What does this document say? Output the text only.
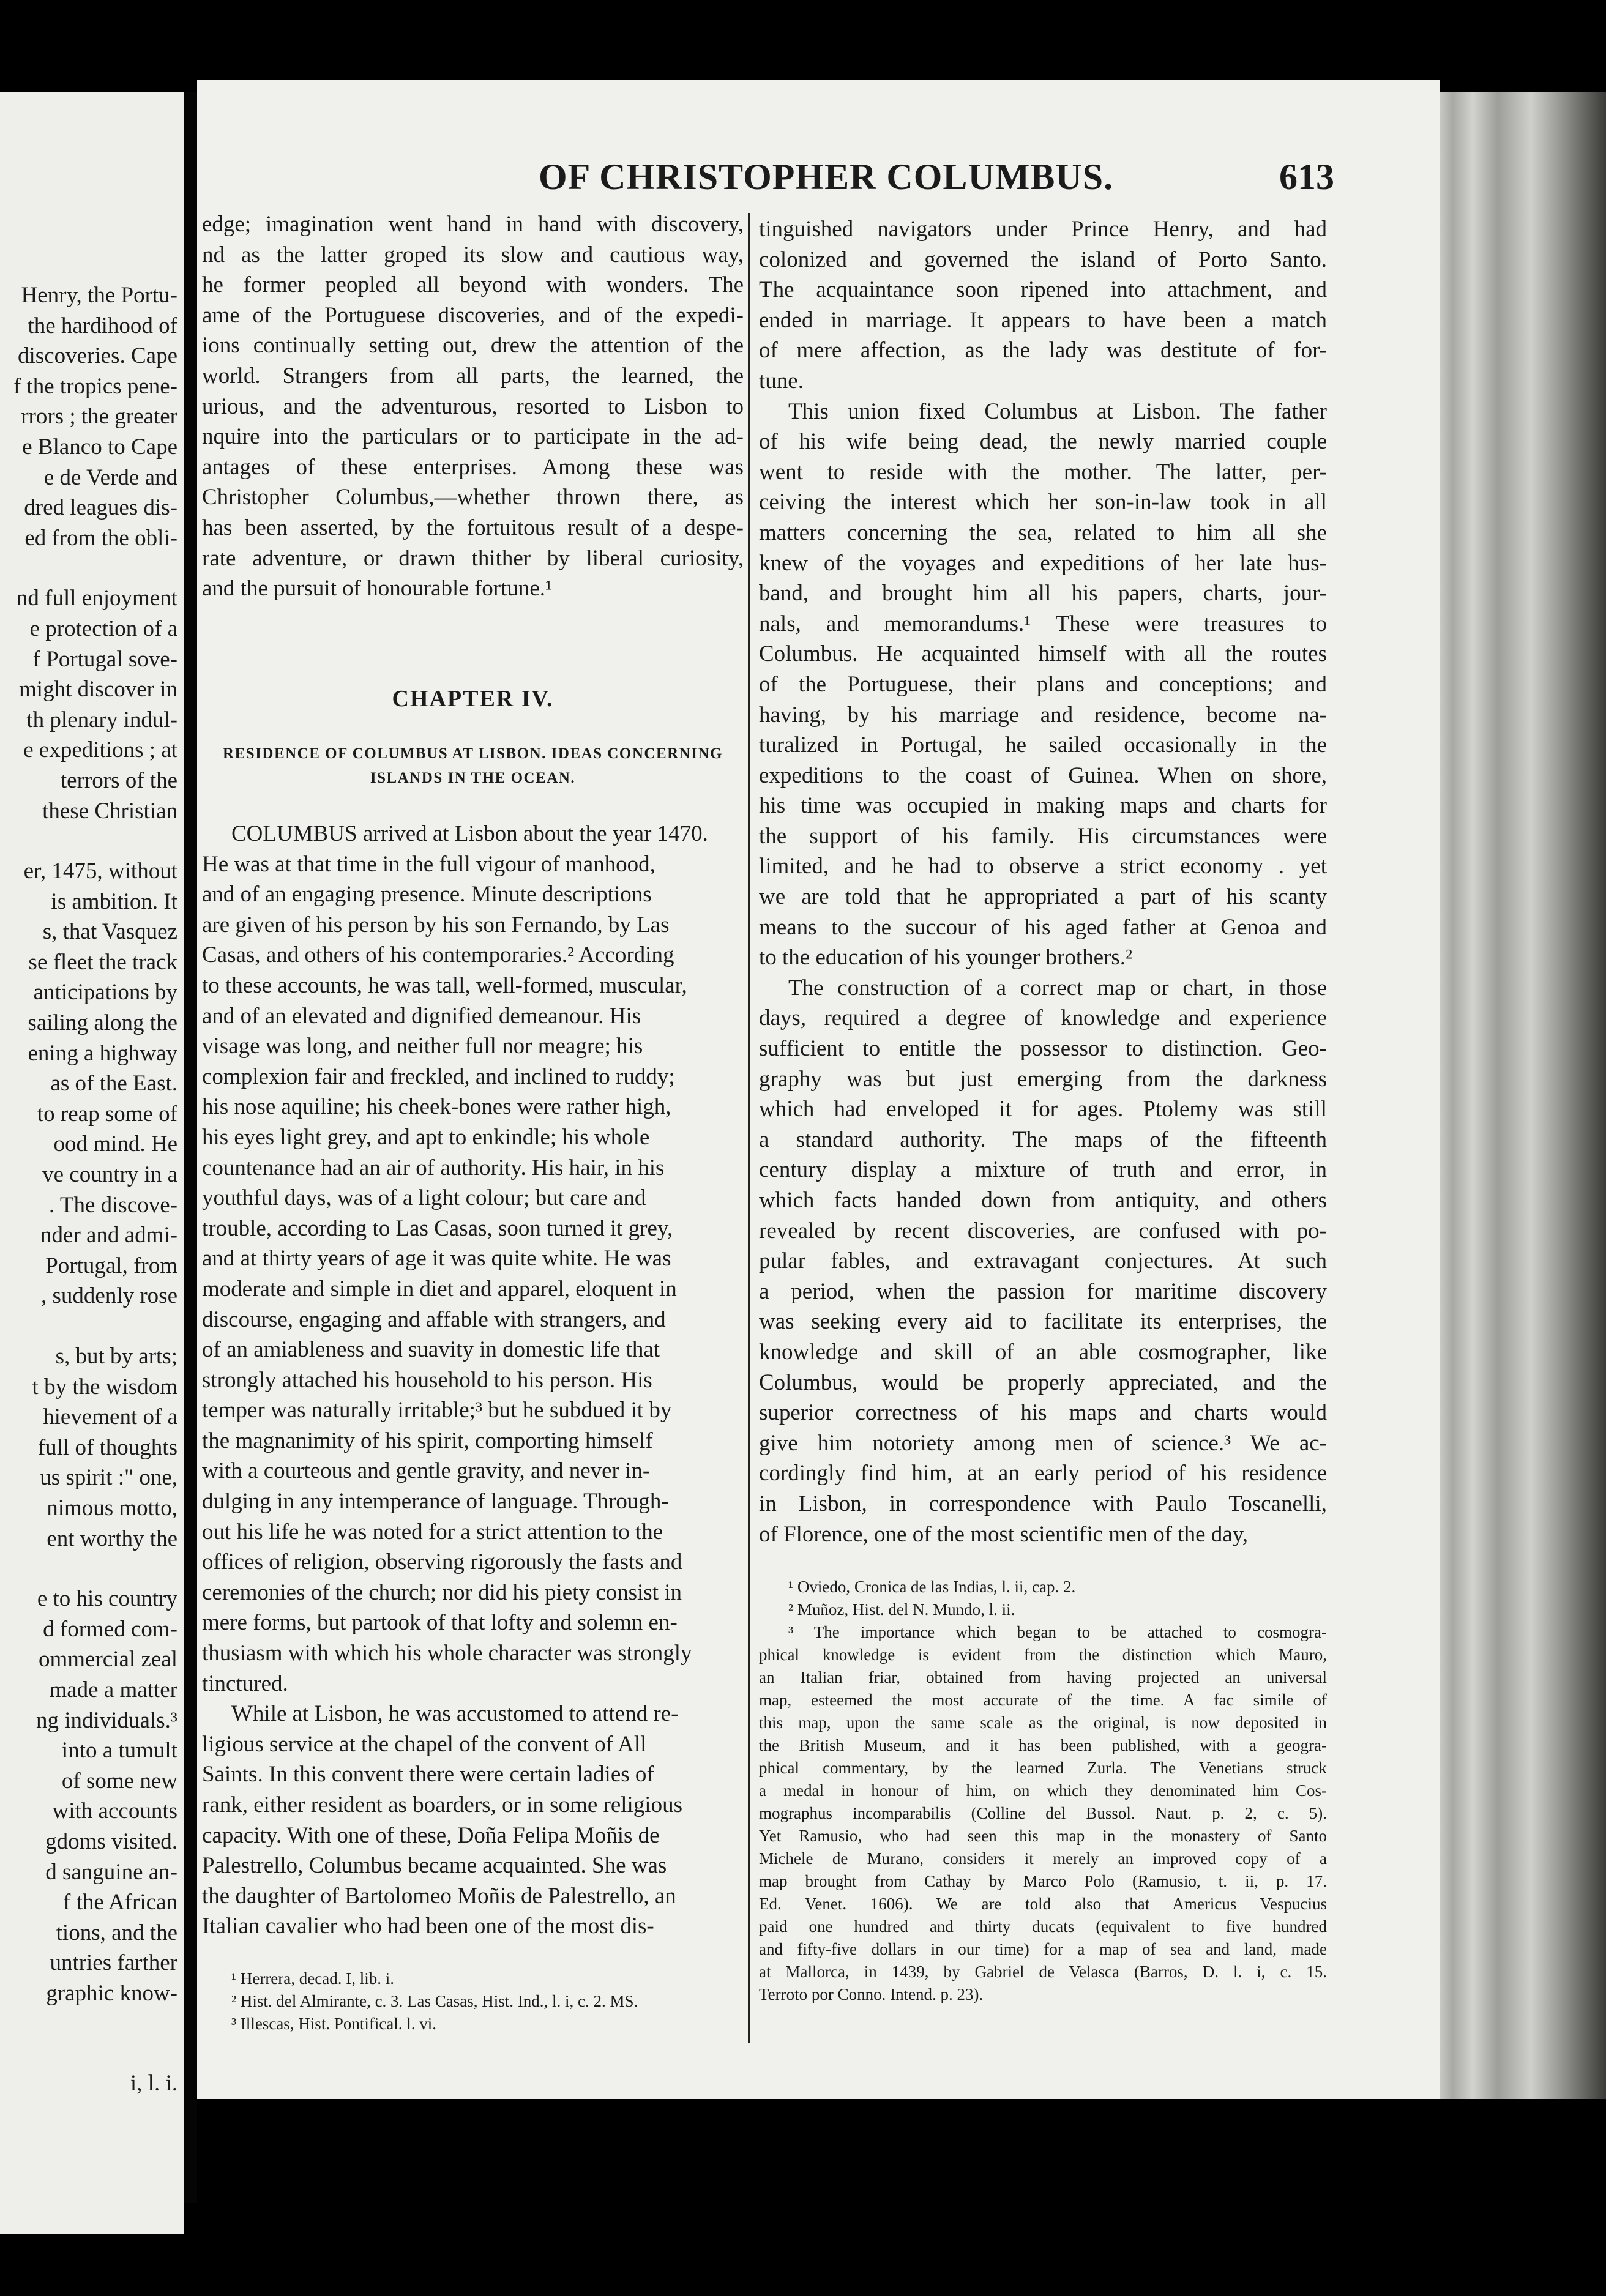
Henry, the Portu-
the hardihood of
discoveries. Cape
f the tropics pene-
rrors ; the greater
e Blanco to Cape
e de Verde and
dred leagues dis-
ed from the obli-
nd full enjoyment
e protection of a
f Portugal sove-
might discover in
th plenary indul-
e expeditions ; at
terrors of the
these Christian
er, 1475, without
is ambition. It
s, that Vasquez
se fleet the track
anticipations by
sailing along the
ening a highway
as of the East.
to reap some of
ood mind. He
ve country in a
. The discove-
nder and admi-
Portugal, from
, suddenly rose
s, but by arts;
t by the wisdom
hievement of a
full of thoughts
us spirit :" one,
nimous motto,
ent worthy the
e to his country
d formed com-
ommercial zeal
made a matter
ng individuals.³
into a tumult
of some new
with accounts
gdoms visited.
d sanguine an-
f the African
tions, and the
untries farther
graphic know-
i, l. i.
OF CHRISTOPHER COLUMBUS.	613
edge; imagination went hand in hand with discovery,
nd as the latter groped its slow and cautious way,
he former peopled all beyond with wonders. The
ame of the Portuguese discoveries, and of the expedi-
ions continually setting out, drew the attention of the
world. Strangers from all parts, the learned, the
urious, and the adventurous, resorted to Lisbon to
nquire into the particulars or to participate in the ad-
antages of these enterprises. Among these was
Christopher Columbus,—whether thrown there, as
has been asserted, by the fortuitous result of a despe-
rate adventure, or drawn thither by liberal curiosity,
and the pursuit of honourable fortune.¹
CHAPTER IV.
RESIDENCE OF COLUMBUS AT LISBON. IDEAS CONCERNING
ISLANDS IN THE OCEAN.
COLUMBUS arrived at Lisbon about the year 1470.
He was at that time in the full vigour of manhood,
and of an engaging presence. Minute descriptions
are given of his person by his son Fernando, by Las
Casas, and others of his contemporaries.² According
to these accounts, he was tall, well-formed, muscular,
and of an elevated and dignified demeanour. His
visage was long, and neither full nor meagre; his
complexion fair and freckled, and inclined to ruddy;
his nose aquiline; his cheek-bones were rather high,
his eyes light grey, and apt to enkindle; his whole
countenance had an air of authority. His hair, in his
youthful days, was of a light colour; but care and
trouble, according to Las Casas, soon turned it grey,
and at thirty years of age it was quite white. He was
moderate and simple in diet and apparel, eloquent in
discourse, engaging and affable with strangers, and
of an amiableness and suavity in domestic life that
strongly attached his household to his person. His
temper was naturally irritable;³ but he subdued it by
the magnanimity of his spirit, comporting himself
with a courteous and gentle gravity, and never in-
dulging in any intemperance of language. Through-
out his life he was noted for a strict attention to the
offices of religion, observing rigorously the fasts and
ceremonies of the church; nor did his piety consist in
mere forms, but partook of that lofty and solemn en-
thusiasm with which his whole character was strongly
tinctured.
While at Lisbon, he was accustomed to attend re-
ligious service at the chapel of the convent of All
Saints. In this convent there were certain ladies of
rank, either resident as boarders, or in some religious
capacity. With one of these, Doña Felipa Moñis de
Palestrello, Columbus became acquainted. She was
the daughter of Bartolomeo Moñis de Palestrello, an
Italian cavalier who had been one of the most dis-
¹ Herrera, decad. I, lib. i.
² Hist. del Almirante, c. 3. Las Casas, Hist. Ind., l. i, c. 2. MS.
³ Illescas, Hist. Pontifical. l. vi.
tinguished navigators under Prince Henry, and had
colonized and governed the island of Porto Santo.
The acquaintance soon ripened into attachment, and
ended in marriage. It appears to have been a match
of mere affection, as the lady was destitute of for-
tune.
This union fixed Columbus at Lisbon. The father
of his wife being dead, the newly married couple
went to reside with the mother. The latter, per-
ceiving the interest which her son-in-law took in all
matters concerning the sea, related to him all she
knew of the voyages and expeditions of her late hus-
band, and brought him all his papers, charts, jour-
nals, and memorandums.¹ These were treasures to
Columbus. He acquainted himself with all the routes
of the Portuguese, their plans and conceptions; and
having, by his marriage and residence, become na-
turalized in Portugal, he sailed occasionally in the
expeditions to the coast of Guinea. When on shore,
his time was occupied in making maps and charts for
the support of his family. His circumstances were
limited, and he had to observe a strict economy . yet
we are told that he appropriated a part of his scanty
means to the succour of his aged father at Genoa and
to the education of his younger brothers.²
The construction of a correct map or chart, in those
days, required a degree of knowledge and experience
sufficient to entitle the possessor to distinction. Geo-
graphy was but just emerging from the darkness
which had enveloped it for ages. Ptolemy was still
a standard authority. The maps of the fifteenth
century display a mixture of truth and error, in
which facts handed down from antiquity, and others
revealed by recent discoveries, are confused with po-
pular fables, and extravagant conjectures. At such
a period, when the passion for maritime discovery
was seeking every aid to facilitate its enterprises, the
knowledge and skill of an able cosmographer, like
Columbus, would be properly appreciated, and the
superior correctness of his maps and charts would
give him notoriety among men of science.³ We ac-
cordingly find him, at an early period of his residence
in Lisbon, in correspondence with Paulo Toscanelli,
of Florence, one of the most scientific men of the day,
¹ Oviedo, Cronica de las Indias, l. ii, cap. 2.
² Muñoz, Hist. del N. Mundo, l. ii.
³ The importance which began to be attached to cosmogra-
phical knowledge is evident from the distinction which Mauro,
an Italian friar, obtained from having projected an universal
map, esteemed the most accurate of the time. A fac simile of
this map, upon the same scale as the original, is now deposited in
the British Museum, and it has been published, with a geogra-
phical commentary, by the learned Zurla. The Venetians struck
a medal in honour of him, on which they denominated him Cos-
mographus incomparabilis (Colline del Bussol. Naut. p. 2, c. 5).
Yet Ramusio, who had seen this map in the monastery of Santo
Michele de Murano, considers it merely an improved copy of a
map brought from Cathay by Marco Polo (Ramusio, t. ii, p. 17.
Ed. Venet. 1606). We are told also that Americus Vespucius
paid one hundred and thirty ducats (equivalent to five hundred
and fifty-five dollars in our time) for a map of sea and land, made
at Mallorca, in 1439, by Gabriel de Velasca (Barros, D. l. i, c. 15.
Terroto por Conno. Intend. p. 23).
